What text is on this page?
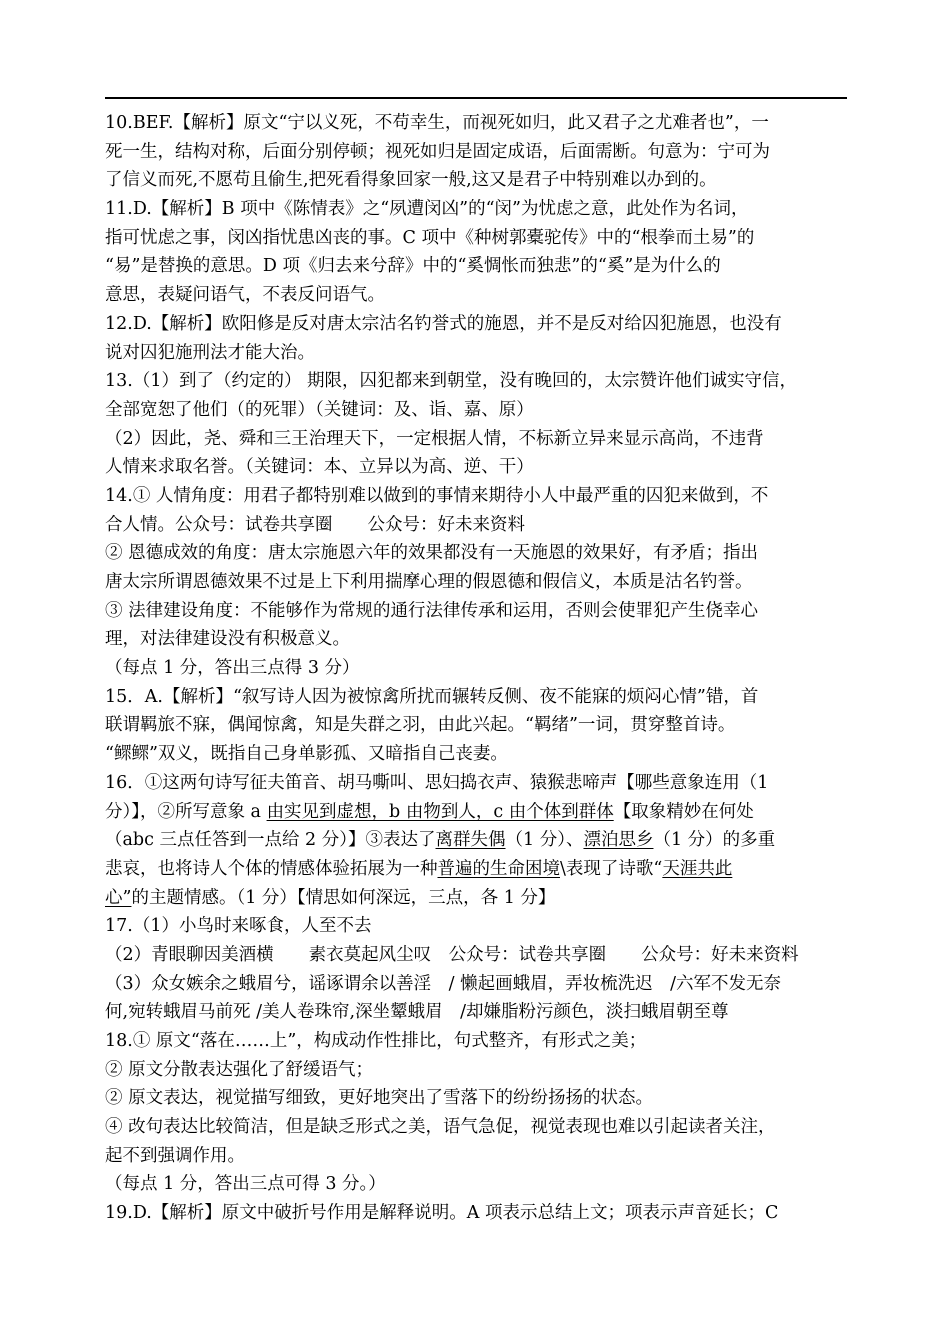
10.BEF.【解析】原文“宁以义死，不苟幸生，而视死如归，此又君子之尤难者也”，一
死一生，结构对称，后面分别停顿；视死如归是固定成语，后面需断。句意为：宁可为
了信义而死,不愿苟且偷生,把死看得象回家一般,这又是君子中特别难以办到的。
11.D.【解析】B 项中《陈情表》之“夙遭闵凶”的“闵”为忧虑之意，此处作为名词，
指可忧虑之事，闵凶指忧患凶丧的事。C 项中《种树郭橐驼传》中的“根拳而土易”的
“易”是替换的意思。D 项《归去来兮辞》中的“奚惆怅而独悲”的“奚”是为什么的
意思，表疑问语气，不表反问语气。
12.D.【解析】欧阳修是反对唐太宗沽名钓誉式的施恩，并不是反对给囚犯施恩，也没有
说对囚犯施刑法才能大治。
13.（1）到了（约定的） 期限，囚犯都来到朝堂，没有晚回的，太宗赞许他们诚实守信，
全部宽恕了他们（的死罪）（关键词：及、诣、嘉、原）
（2）因此，尧、舜和三王治理天下，一定根据人情，不标新立异来显示高尚，不违背
人情来求取名誉。（关键词：本、立异以为高、逆、干）
14.① 人情角度：用君子都特别难以做到的事情来期待小人中最严重的囚犯来做到，不
合人情。公众号：试卷共享圈　　公众号：好未来资料
② 恩德成效的角度：唐太宗施恩六年的效果都没有一天施恩的效果好，有矛盾；指出
唐太宗所谓恩德效果不过是上下利用揣摩心理的假恩德和假信义，本质是沽名钓誉。
③ 法律建设角度：不能够作为常规的通行法律传承和运用，否则会使罪犯产生侥幸心
理，对法律建设没有积极意义。
（每点 1 分，答出三点得 3 分）
15．A.【解析】“叙写诗人因为被惊禽所扰而辗转反侧、夜不能寐的烦闷心情”错，首
联谓羁旅不寐，偶闻惊禽，知是失群之羽，由此兴起。“羁绪”一词，贯穿整首诗。
“鳏鳏”双义，既指自己身单影孤、又暗指自己丧妻。
16．①这两句诗写征夫笛音、胡马嘶叫、思妇捣衣声、猿猴悲啼声【哪些意象连用（1
分）】，②所写意象 a 由实见到虚想，b 由物到人，c 由个体到群体【取象精妙在何处
（abc 三点任答到一点给 2 分）】③表达了离群失偶（1 分）、漂泊思乡（1 分）的多重
悲哀，也将诗人个体的情感体验拓展为一种普遍的生命困境\表现了诗歌“天涯共此
心”的主题情感。（1 分）【情思如何深远，三点，各 1 分】
17.（1）小鸟时来啄食，人至不去
（2）青眼聊因美酒横　　素衣莫起风尘叹　公众号：试卷共享圈　　公众号：好未来资料
（3）众女嫉余之蛾眉兮，谣诼谓余以善淫　/ 懒起画蛾眉，弄妆梳洗迟　/六军不发无奈
何,宛转蛾眉马前死 /美人卷珠帘,深坐颦蛾眉　/却嫌脂粉污颜色，淡扫蛾眉朝至尊
18.① 原文“落在……上”，构成动作性排比，句式整齐，有形式之美；
② 原文分散表达强化了舒缓语气；
② 原文表达，视觉描写细致，更好地突出了雪落下的纷纷扬扬的状态。
④ 改句表达比较简洁，但是缺乏形式之美，语气急促，视觉表现也难以引起读者关注，
起不到强调作用。
（每点 1 分，答出三点可得 3 分。）
19.D.【解析】原文中破折号作用是解释说明。A 项表示总结上文；项表示声音延长；C
